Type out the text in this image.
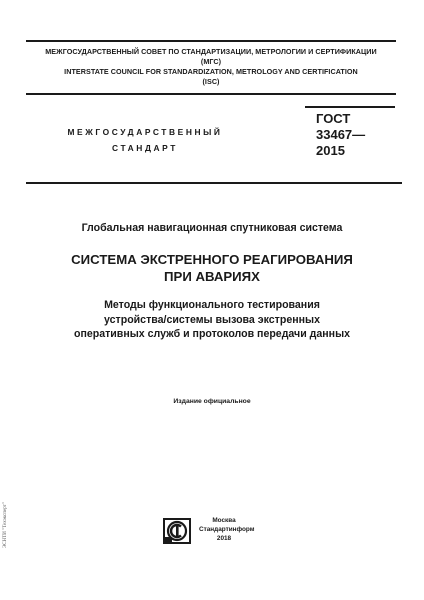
МЕЖГОСУДАРСТВЕННЫЙ СОВЕТ ПО СТАНДАРТИЗАЦИИ, МЕТРОЛОГИИ И СЕРТИФИКАЦИИ
(МГС)
INTERSTATE COUNCIL FOR STANDARDIZATION, METROLOGY AND CERTIFICATION
(ISC)
МЕЖГОСУДАРСТВЕННЫЙ
СТАНДАРТ
ГОСТ
33467—
2015
Глобальная навигационная спутниковая система
СИСТЕМА ЭКСТРЕННОГО РЕАГИРОВАНИЯ
ПРИ АВАРИЯХ
Методы функционального тестирования
устройства/системы вызова экстренных
оперативных служб и протоколов передачи данных
Издание официальное
Москва
Стандартинформ
2018
ЭСНТИ "Техэксперт"
